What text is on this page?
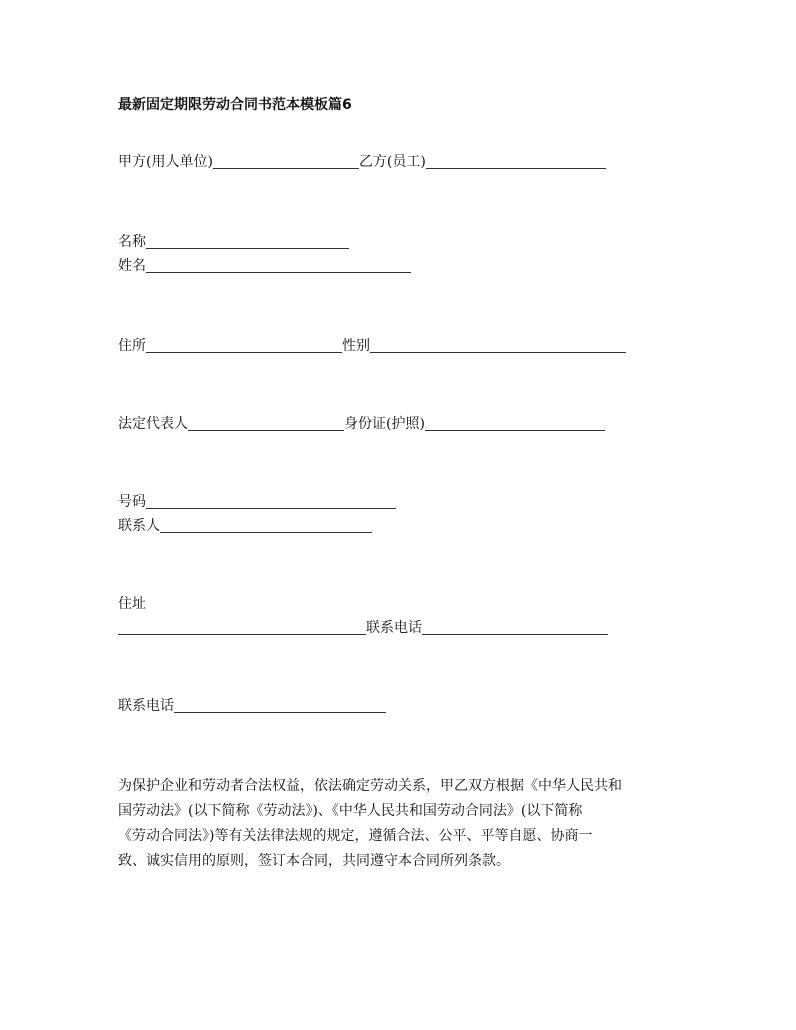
最新固定期限劳动合同书范本模板篇6
甲方(用人单位)	乙方(员工)
名称
姓名
住所	性别
法定代表人	身份证(护照)
号码
联系人
住址
联系电话
联系电话

为保护企业和劳动者合法权益，依法确定劳动关系，甲乙双方根据《中华人民共和

国劳动法》(以下简称《劳动法》)、《中华人民共和国劳动合同法》(以下简称

《劳动合同法》)等有关法律法规的规定，遵循合法、公平、平等自愿、协商一

致、诚实信用的原则，签订本合同，共同遵守本合同所列条款。
